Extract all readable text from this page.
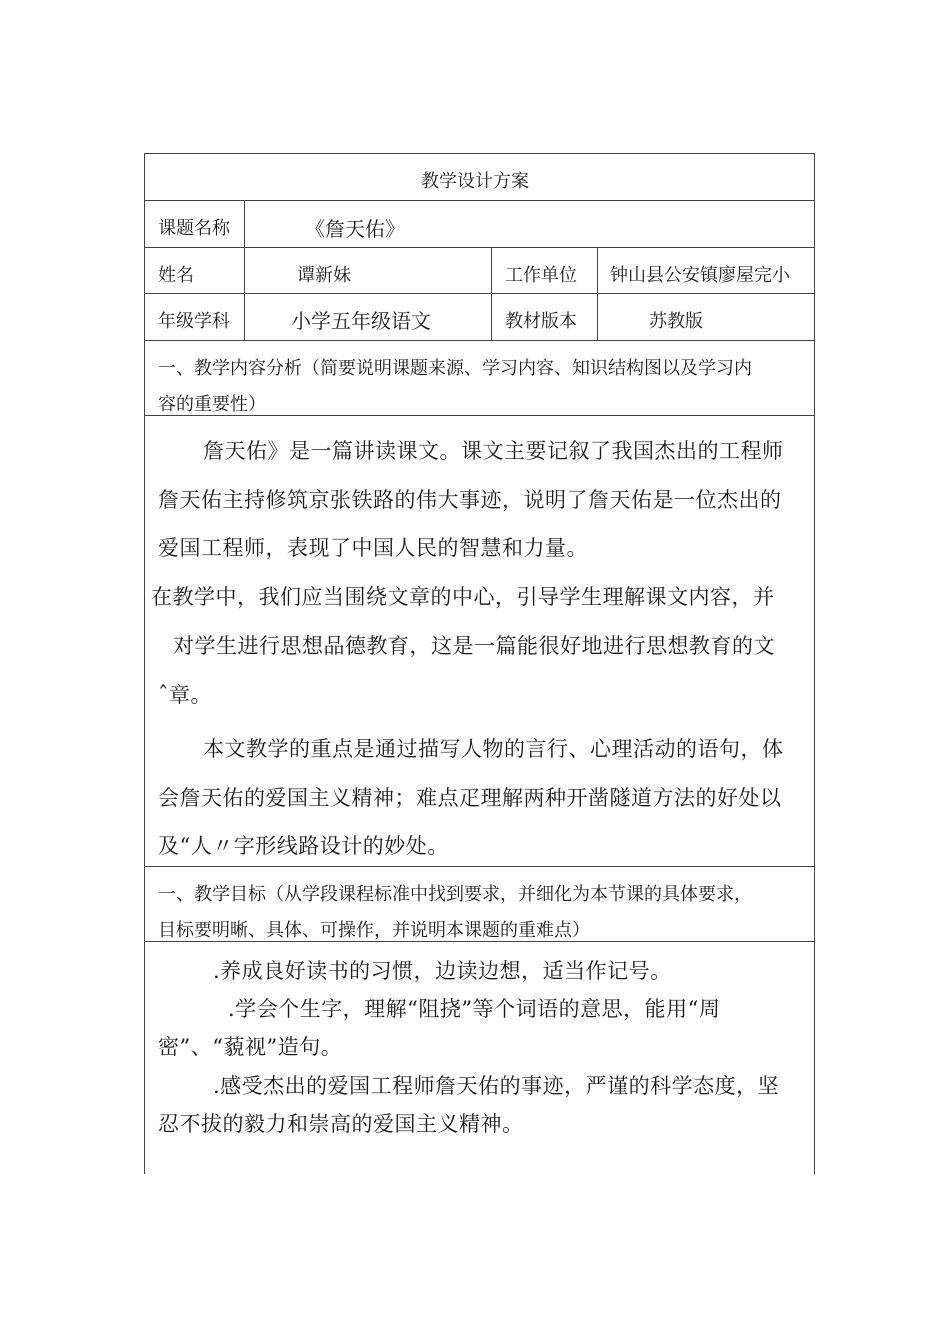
教学设计方案
课题名称	《詹天佑》
姓名	谭新妹	工作单位 钟山县公安镇廖屋完小
年级学科	小学五年级语文	教材版本	苏教版
一、教学内容分析（简要说明课题来源、学习内容、知识结构图以及学习内
容的重要性）
詹天佑》是一篇讲读课文。课文主要记叙了我国杰出的工程师
詹天佑主持修筑京张铁路的伟大事迹，说明了詹天佑是一位杰出的
爱国工程师，表现了中国人民的智慧和力量。
在教学中，我们应当围绕文章的中心，引导学生理解课文内容，并
对学生进行思想品德教育，这是一篇能很好地进行思想教育的文
ˆ章。
本文教学的重点是通过描写人物的言行、心理活动的语句，体
会詹天佑的爱国主义精神；难点疋理解两种开凿隧道方法的好处以
及“人〃字形线路设计的妙处。
一、教学目标（从学段课程标准中找到要求，并细化为本节课的具体要求，
目标要明晰、具体、可操作，并说明本课题的重难点）
.养成良好读书的习惯，边读边想，适当作记号。
.学会个生字，理解“阻挠”等个词语的意思，能用“周
密”、“藐视”造句。
.感受杰出的爱国工程师詹天佑的事迹，严谨的科学态度，坚
忍不拔的毅力和崇高的爱国主义精神。
